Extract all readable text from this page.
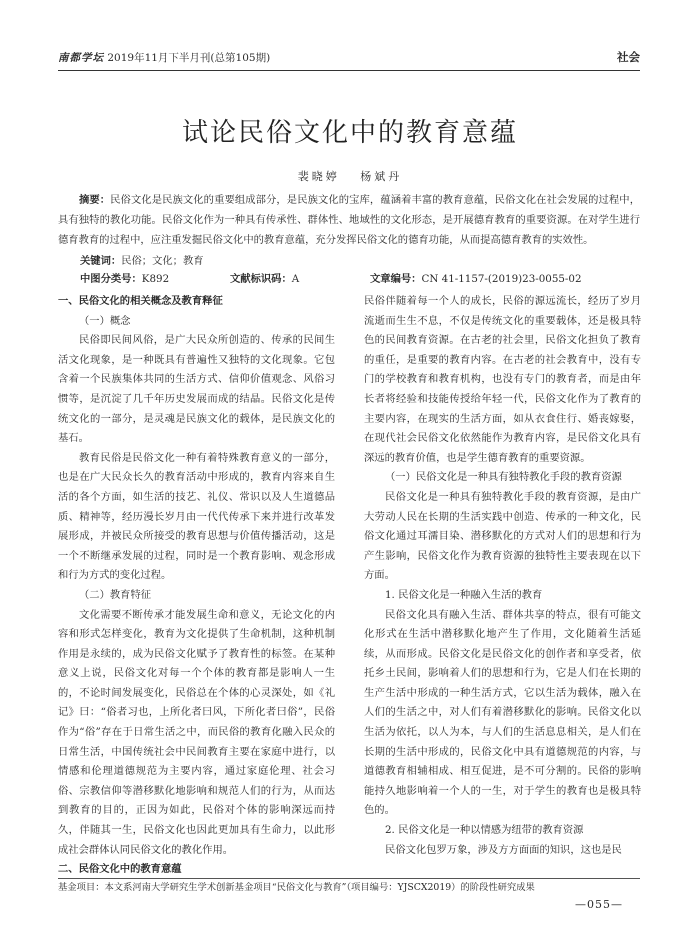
南都学坛 2019年11月下半月刊(总第105期)	社会
试论民俗文化中的教育意蕴
裴晓婷 杨斌丹
摘要：民俗文化是民族文化的重要组成部分，是民族文化的宝库，蕴涵着丰富的教育意蕴，民俗文化在社会发展的过程中，具有独特的教化功能。民俗文化作为一种具有传承性、群体性、地域性的文化形态，是开展德育教育的重要资源。在对学生进行德育教育的过程中，应注重发掘民俗文化中的教育意蕴，充分发挥民俗文化的德育功能，从而提高德育教育的实效性。
关键词：民俗；文化；教育
中图分类号：K892	文献标识码：A	文章编号：CN 41-1157-(2019)23-0055-02

一、民俗文化的相关概念及教育释征

（一）概念

民俗即民间风俗，是广大民众所创造的、传承的民间生活文化现象，是一种既具有普遍性又独特的文化现象。它包含着一个民族集体共同的生活方式、信仰价值观念、风俗习惯等，是沉淀了几千年历史发展而成的结晶。民俗文化是传统文化的一部分，是灵魂是民族文化的载体，是民族文化的基石。

教育民俗是民俗文化一种有着特殊教育意义的一部分，也是在广大民众长久的教育活动中形成的，教育内容来自生活的各个方面，如生活的技艺、礼仪、常识以及人生道德品质、精神等，经历漫长岁月由一代代传承下来并进行改革发展形成，并被民众所接受的教育思想与价值传播活动，这是一个不断继承发展的过程，同时是一个教育影响、观念形成和行为方式的变化过程。

（二）教育特征

文化需要不断传承才能发展生命和意义，无论文化的内容和形式怎样变化，教育为文化提供了生命机制，这种机制作用是永续的，成为民俗文化赋予了教育性的标签。在某种意义上说，民俗文化对每一个个体的教育都是影响人一生的，不论时间发展变化，民俗总在个体的心灵深处，如《礼记》曰：“俗者习也，上所化者曰风，下所化者曰俗”，民俗作为“俗”存在于日常生活之中，而民俗的教育化融入民众的日常生活，中国传统社会中民间教育主要在家庭中进行，以情感和伦理道德规范为主要内容，通过家庭伦理、社会习俗、宗教信仰等潜移默化地影响和规范人们的行为，从而达到教育的目的，正因为如此，民俗对个体的影响深远而持久，伴随其一生，民俗文化也因此更加具有生命力，以此形成社会群体认同民俗文化的教化作用。

二、民俗文化中的教育意蕴

民俗伴随着每一个人的成长，民俗的源远流长，经历了岁月流逝而生生不息，不仅是传统文化的重要载体，还是极具特色的民间教育资源。在古老的社会里，民俗文化担负了教育的重任，是重要的教育内容。在古老的社会教育中，没有专门的学校教育和教育机构，也没有专门的教育者，而是由年长者将经验和技能传授给年轻一代，民俗文化作为了教育的主要内容，在现实的生活方面，如从衣食住行、婚丧嫁娶，在现代社会民俗文化依然能作为教育内容，是民俗文化具有深远的教育价值，也是学生德育教育的重要资源。

（一）民俗文化是一种具有独特教化手段的教育资源

民俗文化是一种具有独特教化手段的教育资源，是由广大劳动人民在长期的生活实践中创造、传承的一种文化，民俗文化通过耳濡目染、潜移默化的方式对人们的思想和行为产生影响，民俗文化作为教育资源的独特性主要表现在以下方面。

1. 民俗文化是一种融入生活的教育

民俗文化具有融入生活、群体共享的特点，很有可能文化形式在生活中潜移默化地产生了作用，文化随着生活延续，从而形成。民俗文化是民俗文化的创作者和享受者，依托乡土民间，影响着人们的思想和行为，它是人们在长期的生产生活中形成的一种生活方式，它以生活为载体，融入在人们的生活之中，对人们有着潜移默化的影响。民俗文化以生活为依托，以人为本，与人们的生活息息相关，是人们在长期的生活中形成的，民俗文化中具有道德规范的内容，与道德教育相辅相成、相互促进，是不可分割的。民俗的影响能持久地影响着一个人的一生，对于学生的教育也是极具特色的。

2. 民俗文化是一种以情感为纽带的教育资源

民俗文化包罗万象，涉及方方面面的知识，这也是民

基金项目：本文系河南大学研究生学术创新基金项目“民俗文化与教育”（项目编号：YJSCX2019）的阶段性研究成果
—055—
